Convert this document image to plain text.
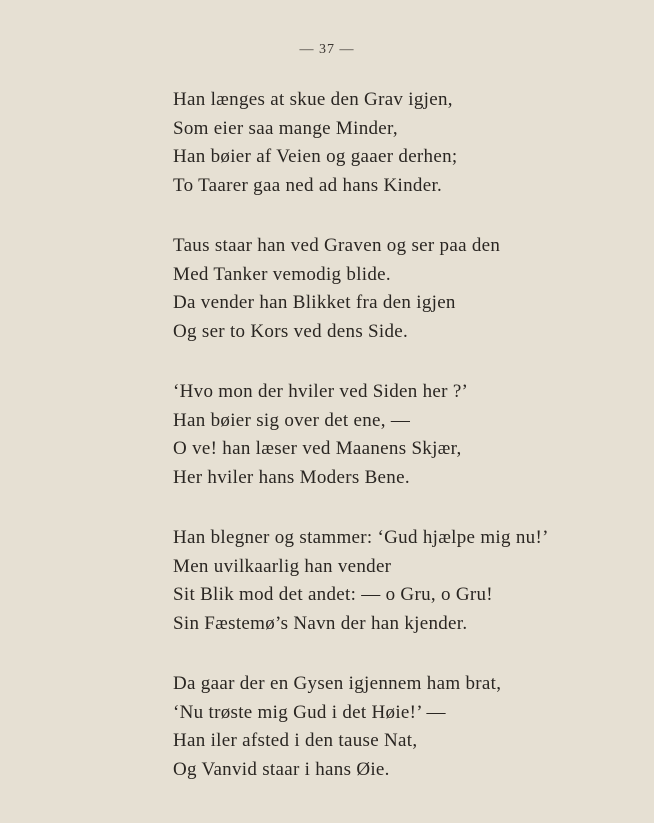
— 37 —
Han længes at skue den Grav igjen,
Som eier saa mange Minder,
Han bøier af Veien og gaaer derhen;
To Taarer gaa ned ad hans Kinder.
Taus staar han ved Graven og ser paa den
Med Tanker vemodig blide.
Da vender han Blikket fra den igjen
Og ser to Kors ved dens Side.
‘Hvo mon der hviler ved Siden her ?’
Han bøier sig over det ene, —
O ve! han læser ved Maanens Skjær,
Her hviler hans Moders Bene.
Han blegner og stammer: ‘Gud hjælpe mig nu!’
Men uvilkaarlig han vender
Sit Blik mod det andet: — o Gru, o Gru!
Sin Fæstemø’s Navn der han kjender.
Da gaar der en Gysen igjennem ham brat,
‘Nu trøste mig Gud i det Høie!’ —
Han iler afsted i den tause Nat,
Og Vanvid staar i hans Øie.
